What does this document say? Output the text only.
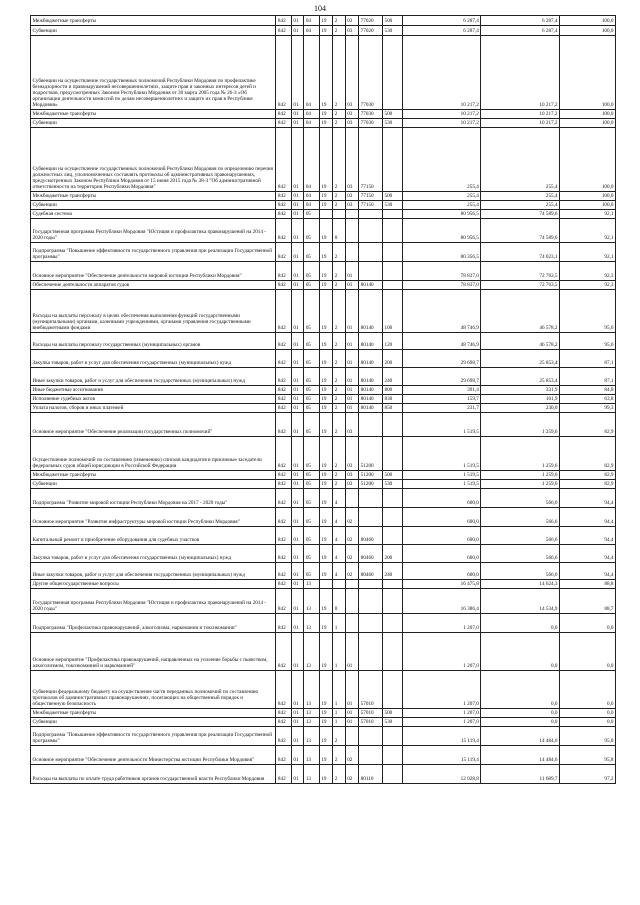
104
Межбюджетные трансферты	842	01	04	19	2	03	77020	500	6 287,4	6 287,4	100,0
Субвенции	842	01	04	19	2	03	77020	530	6 287,4	6 287,4	100,0
Субвенции на осуществление государственных полномочий Республики Мордовия по профилактике безнадзорности и правонарушений несовершеннолетних, защите прав и законных интересов детей и подростков, предусмотренных Законом Республики Мордовия от 30 марта 2005 года № 26-З «Об организации деятельности комиссий по делам несовершеннолетних и защите их прав в Республике Мордовия»	842	01	04	19	2	03	77030		10 217,2	10 217,2	100,0
Межбюджетные трансферты	842	01	04	19	2	03	77030	500	10 217,2	10 217,2	100,0
Субвенции	842	01	04	19	2	03	77030	530	10 217,2	10 217,2	100,0
Субвенции на осуществление государственных полномочий Республики Мордовия по определению перечня должностных лиц, уполномоченных составлять протоколы об административных правонарушениях, предусмотренных Законом Республики Мордовия от 15 июня 2015 года № 38-З "Об административной ответственности на территории Республики Мордовия"	842	01	04	19	2	03	77150		255,4	255,4	100,0
Межбюджетные трансферты	842	01	04	19	2	03	77150	500	255,4	255,4	100,0
Субвенции	842	01	04	19	2	03	77150	530	255,4	255,4	100,0
Судебная система	842	01	05						80 956,5	74 589,6	92,1
Государственная программа Республики Мордовия "Юстиция и профилактика правонарушений на 2014 - 2020 годы"	842	01	05	19	0				80 956,5	74 589,6	92,1
Подпрограмма "Повышение эффективности государственного управления при реализации Государственной программы"	842	01	05	19	2				80 356,5	74 023,1	92,1
Основное мероприятие "Обеспечение деятельности мировой юстиции Республики Мордовия"	842	01	05	19	2	01			78 837,0	72 763,5	92,3
Обеспечение деятельности аппаратов судов	842	01	05	19	2	01	80140		78 837,0	72 763,5	92,3
Расходы на выплаты персоналу в целях обеспечения выполнения функций государственными (муниципальными) органами, казенными учреждениями, органами управления государственными внебюджетными фондами	842	01	05	19	2	01	80140	100	48 746,9	46 578,2	95,6
Расходы на выплаты персоналу государственных (муниципальных) органов	842	01	05	19	2	01	80140	120	48 746,9	46 578,2	95,6
Закупка товаров, работ и услуг для обеспечения государственных (муниципальных) нужд	842	01	05	19	2	01	80140	200	29 698,7	25 853,4	87,1
Иные закупки товаров, работ и услуг для обеспечения государственных (муниципальных) нужд	842	01	05	19	2	01	80140	240	29 698,7	25 853,4	87,1
Иные бюджетные ассигнования	842	01	05	19	2	01	80140	800	391,4	331,9	84,8
Исполнение судебных актов	842	01	05	19	2	01	80140	830	159,7	101,9	63,8
Уплата налогов, сборов и иных платежей	842	01	05	19	2	01	80140	850	231,7	230,0	99,3
Основное мероприятие "Обеспечение реализации государственных полномочий"	842	01	05	19	2	03			1 519,5	1 259,6	82,9
Осуществление полномочий по составлению (изменению) списков кандидатов в присяжные заседатели федеральных судов общей юрисдикции в Российской Федерации	842	01	05	19	2	03	51200		1 519,5	1 259,6	82,9
Межбюджетные трансферты	842	01	05	19	2	03	51200	500	1 519,5	1 259,6	82,9
Субвенции	842	01	05	19	2	03	51200	530	1 519,5	1 259,6	82,9
Подпрограмма "Развитие мировой юстиции Республики Мордовия на 2017 - 2020 годы"	842	01	05	19	4				600,0	566,6	94,4
Основное мероприятие "Развитие инфраструктуры мировой юстиции Республики Мордовия"	842	01	05	19	4	02			600,0	566,6	94,4
Капитальный ремонт и приобретение оборудования для судебных участков	842	01	05	19	4	02	80460		600,0	566,6	94,4
Закупка товаров, работ и услуг для обеспечения государственных (муниципальных) нужд	842	01	05	19	4	02	80460	200	600,0	566,6	94,4
Иные закупки товаров, работ и услуг для обеспечения государственных (муниципальных) нужд	842	01	05	19	4	02	80460	240	600,0	566,6	94,4
Другие общегосударственные вопросы	842	01	13						16 475,8	14 624,3	88,8
Государственная программа Республики Мордовия "Юстиция и профилактика правонарушений на 2014 - 2020 годы"	842	01	13	19	0				16 386,4	14 534,9	88,7
Подпрограмма "Профилактика правонарушений, алкоголизма, наркомании и токсикомании"	842	01	13	19	1				1 207,0	0,0	0,0
Основное мероприятие "Профилактика правонарушений, направленных на усиление борьбы с пьянством, алкоголизмом, токсикоманией и наркоманией"	842	01	13	19	1	01			1 207,0	0,0	0,0
Субвенции федеральному бюджету на осуществление части переданных полномочий по составлению протоколов об административных правонарушениях, посягающих на общественный порядок и общественную безопасность	842	01	13	19	1	01	57010		1 207,0	0,0	0,0
Межбюджетные трансферты	842	01	13	19	1	01	57010	500	1 207,0	0,0	0,0
Субвенции	842	01	13	19	1	01	57010	530	1 207,0	0,0	0,0
Подпрограмма "Повышение эффективности государственного управления при реализации Государственной программы"	842	01	13	19	2				15 119,4	14 484,6	95,8
Основное мероприятие "Обеспечение деятельности Министерства юстиции Республики Мордовия"	842	01	13	19	2	02			15 119,4	14 484,6	95,8
Расходы на выплаты по оплате труда работников органов государственной власти Республики Мордовия	842	01	13	19	2	02	80110		12 028,8	11 689,7	97,2
